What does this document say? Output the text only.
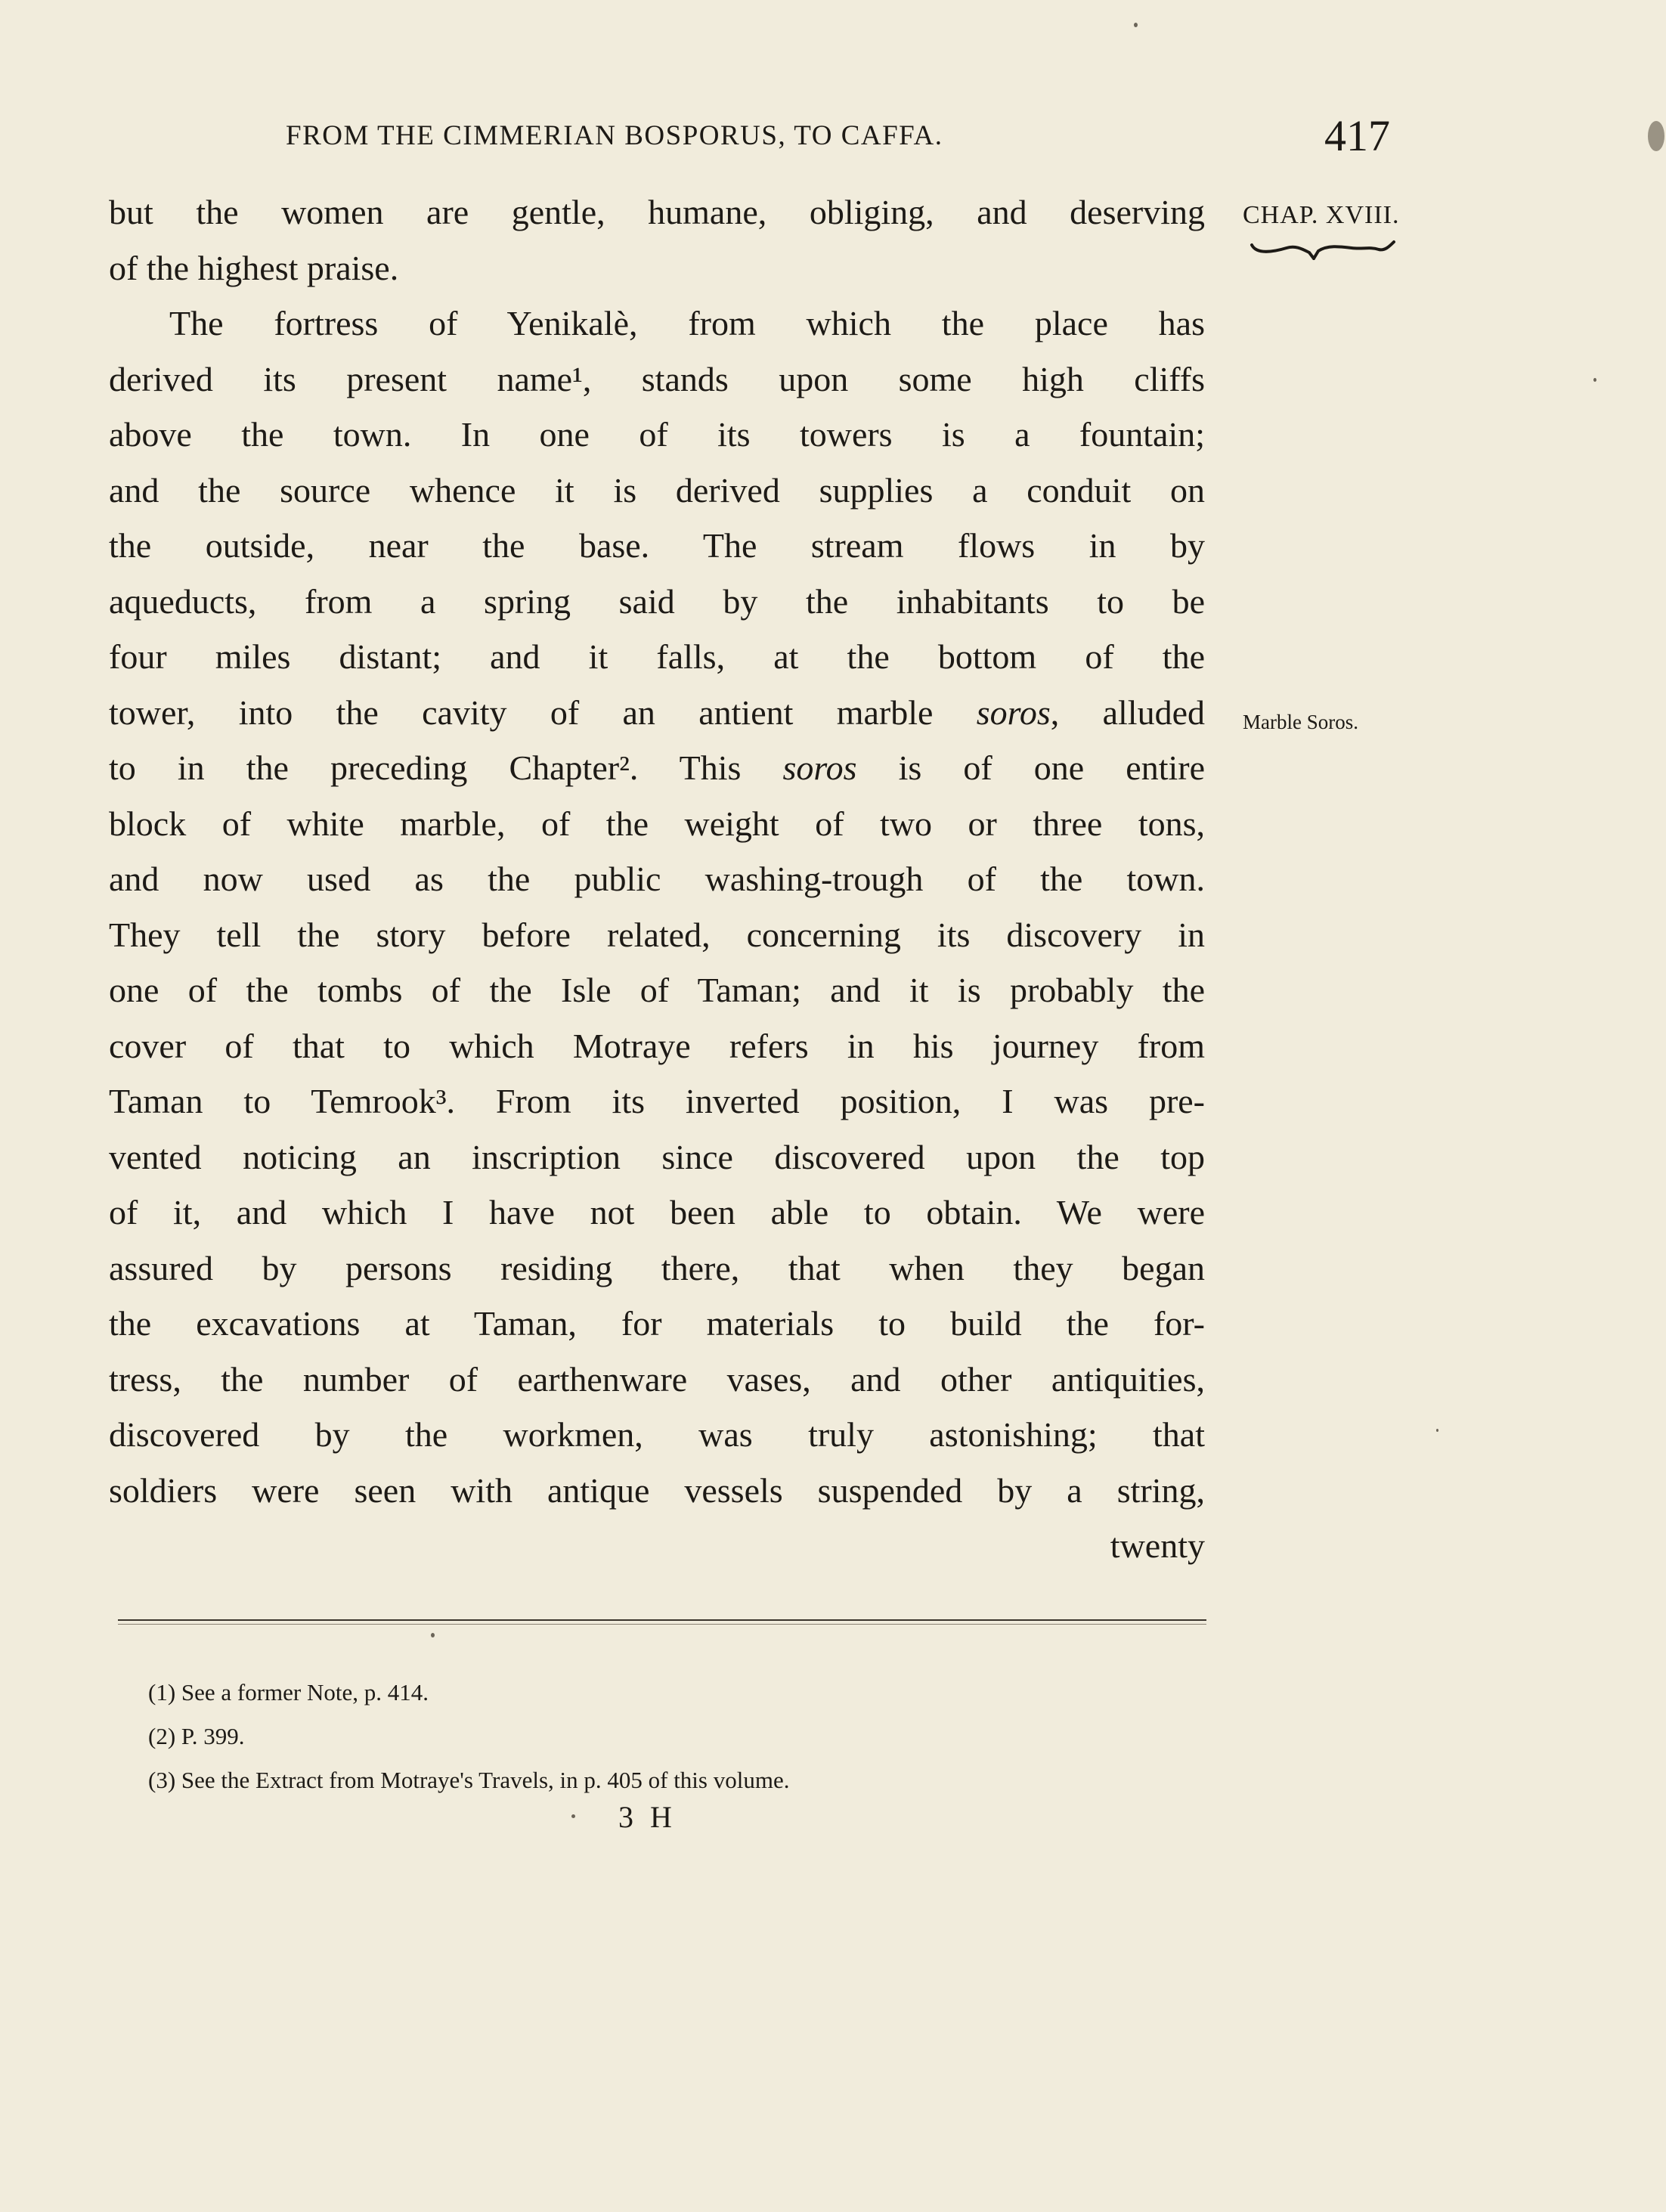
FROM THE CIMMERIAN BOSPORUS, TO CAFFA.	417
CHAP. XVIII.
Marble Soros.
but the women are gentle, humane, obliging, and deserving
of the highest praise.
The fortress of Yenikalè, from which the place has
derived its present name¹, stands upon some high cliffs
above the town. In one of its towers is a fountain;
and the source whence it is derived supplies a conduit on
the outside, near the base. The stream flows in by
aqueducts, from a spring said by the inhabitants to be
four miles distant; and it falls, at the bottom of the
tower, into the cavity of an antient marble soros, alluded
to in the preceding Chapter². This soros is of one entire
block of white marble, of the weight of two or three tons,
and now used as the public washing-trough of the town.
They tell the story before related, concerning its discovery in
one of the tombs of the Isle of Taman; and it is probably the
cover of that to which Motraye refers in his journey from
Taman to Temrook³. From its inverted position, I was pre-
vented noticing an inscription since discovered upon the top
of it, and which I have not been able to obtain. We were
assured by persons residing there, that when they began
the excavations at Taman, for materials to build the for-
tress, the number of earthenware vases, and other antiquities,
discovered by the workmen, was truly astonishing; that
soldiers were seen with antique vessels suspended by a string,
twenty
(1) See a former Note, p. 414.
(2) P. 399.
(3) See the Extract from Motraye's Travels, in p. 405 of this volume.
3 H
